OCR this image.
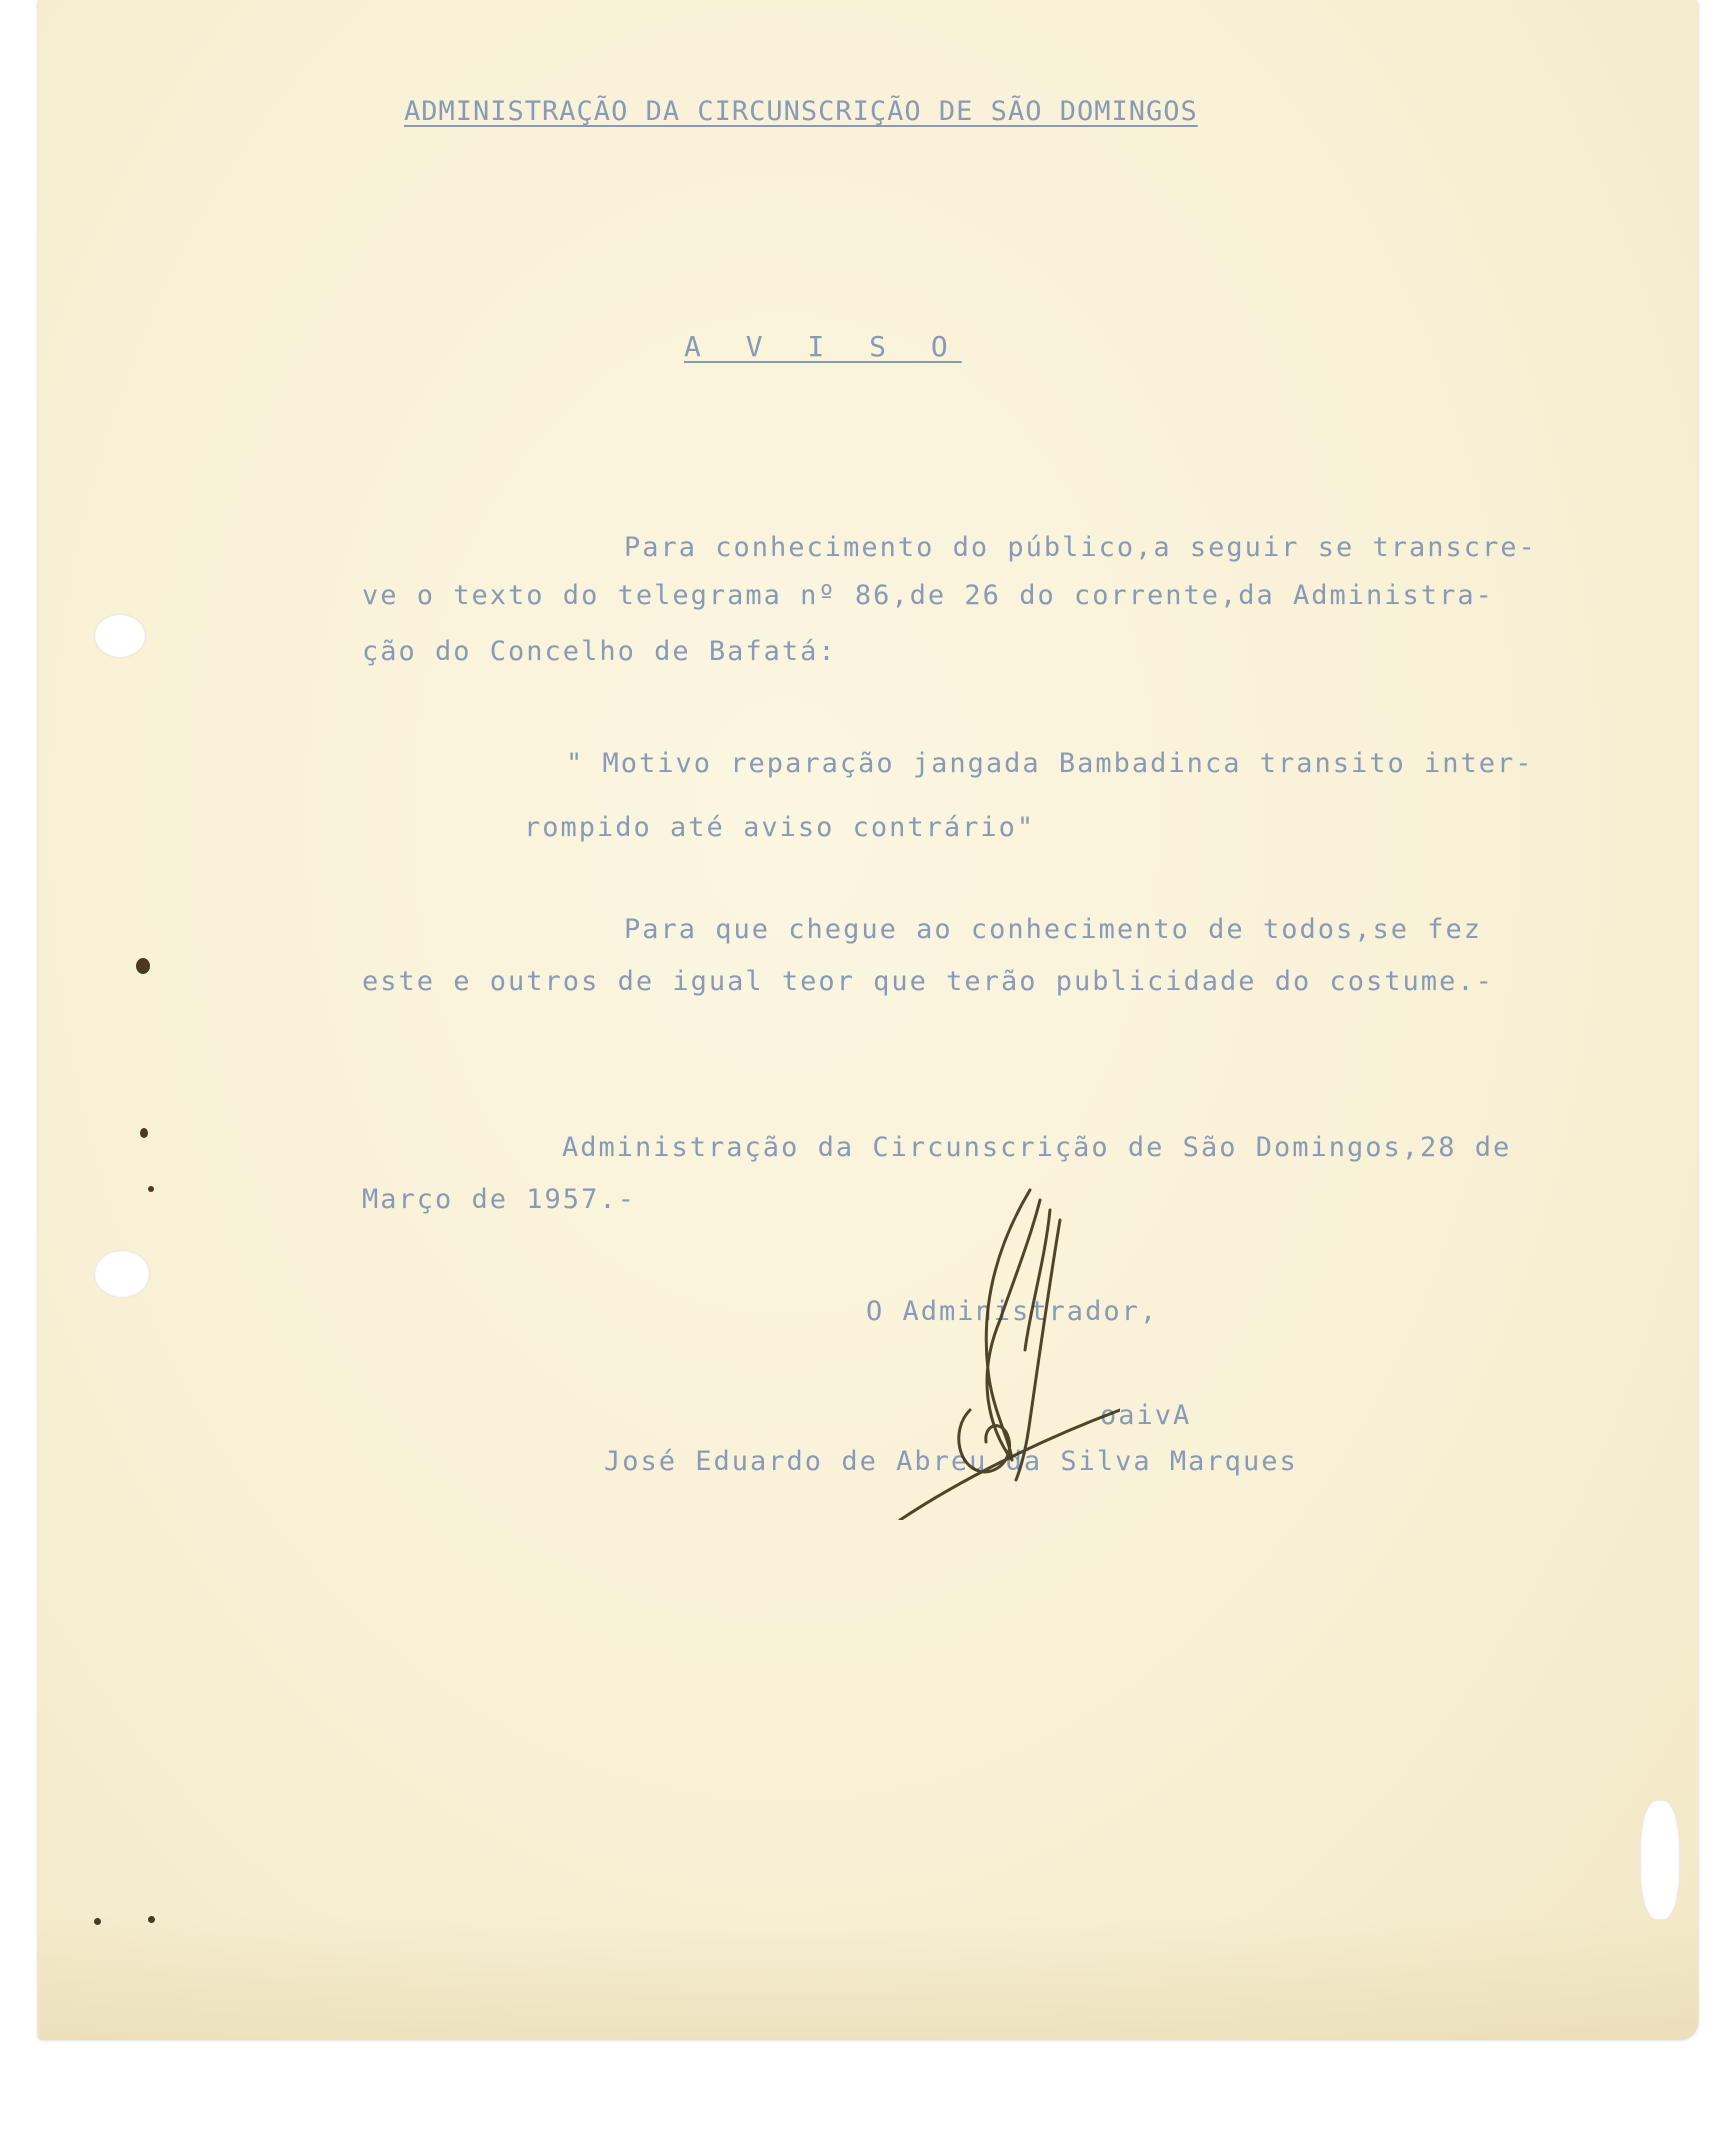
ADMINISTRAÇÃO DA CIRCUNSCRIÇÃO DE SÃO DOMINGOS
A V I S O
Para conhecimento do público,a seguir se transcre-
ve o texto do telegrama nº 86,de 26 do corrente,da Administra-
ção do Concelho de Bafatá:
" Motivo reparação jangada Bambadinca transito inter-
rompido até aviso contrário"
Para que chegue ao conhecimento de todos,se fez
este e outros de igual teor que terão publicidade do costume.-
Administração da Circunscrição de São Domingos,28 de
Março de 1957.-
O Administrador,
oaivA
José Eduardo de Abreu da Silva Marques
